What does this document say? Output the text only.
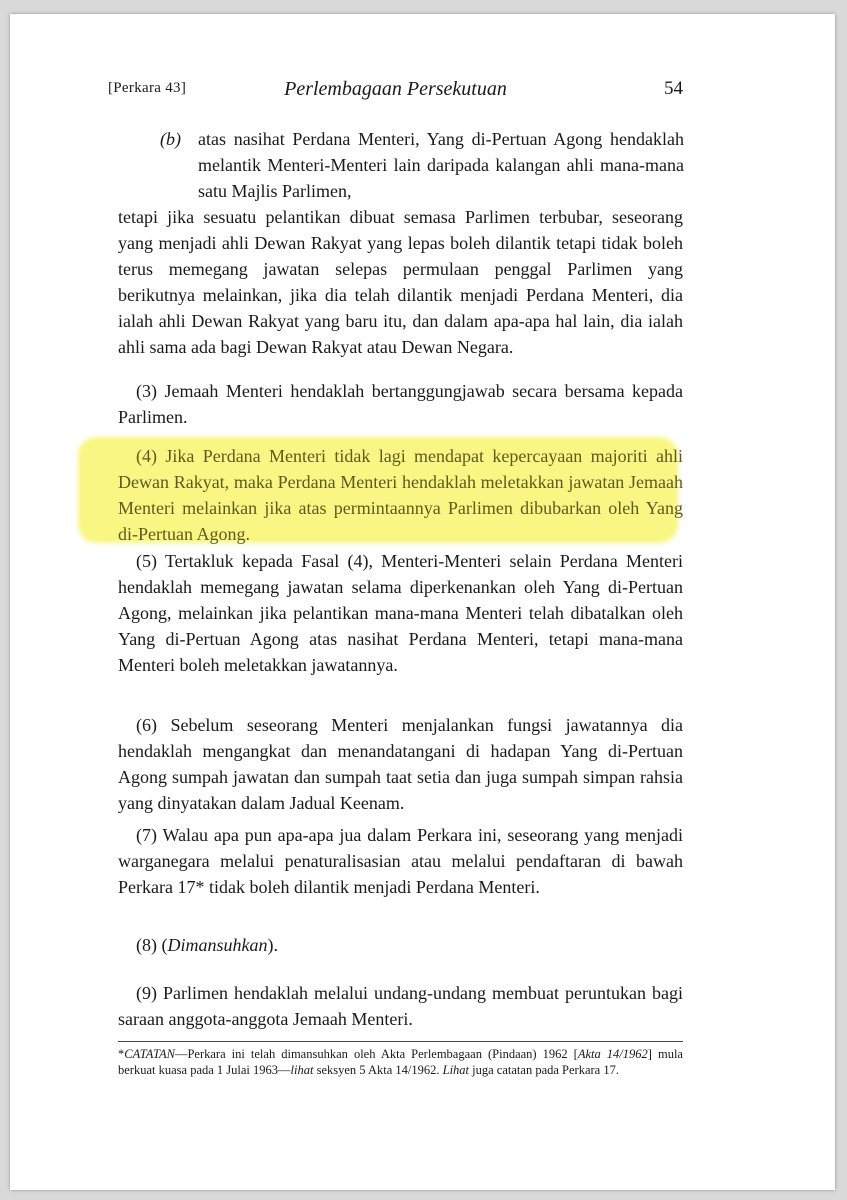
[Perkara 43]	Perlembagaan Persekutuan	54
(b) atas nasihat Perdana Menteri, Yang di-Pertuan Agong hendaklah melantik Menteri-Menteri lain daripada kalangan ahli mana-mana satu Majlis Parlimen,
tetapi jika sesuatu pelantikan dibuat semasa Parlimen terbubar, seseorang yang menjadi ahli Dewan Rakyat yang lepas boleh dilantik tetapi tidak boleh terus memegang jawatan selepas permulaan penggal Parlimen yang berikutnya melainkan, jika dia telah dilantik menjadi Perdana Menteri, dia ialah ahli Dewan Rakyat yang baru itu, dan dalam apa-apa hal lain, dia ialah ahli sama ada bagi Dewan Rakyat atau Dewan Negara.
(3) Jemaah Menteri hendaklah bertanggungjawab secara bersama kepada Parlimen.
(4) Jika Perdana Menteri tidak lagi mendapat kepercayaan majoriti ahli Dewan Rakyat, maka Perdana Menteri hendaklah meletakkan jawatan Jemaah Menteri melainkan jika atas permintaannya Parlimen dibubarkan oleh Yang di-Pertuan Agong.
(5) Tertakluk kepada Fasal (4), Menteri-Menteri selain Perdana Menteri hendaklah memegang jawatan selama diperkenankan oleh Yang di-Pertuan Agong, melainkan jika pelantikan mana-mana Menteri telah dibatalkan oleh Yang di-Pertuan Agong atas nasihat Perdana Menteri, tetapi mana-mana Menteri boleh meletakkan jawatannya.
(6) Sebelum seseorang Menteri menjalankan fungsi jawatannya dia hendaklah mengangkat dan menandatangani di hadapan Yang di-Pertuan Agong sumpah jawatan dan sumpah taat setia dan juga sumpah simpan rahsia yang dinyatakan dalam Jadual Keenam.
(7) Walau apa pun apa-apa jua dalam Perkara ini, seseorang yang menjadi warganegara melalui penaturalisasian atau melalui pendaftaran di bawah Perkara 17* tidak boleh dilantik menjadi Perdana Menteri.
(8) (Dimansuhkan).
(9) Parlimen hendaklah melalui undang-undang membuat peruntukan bagi saraan anggota-anggota Jemaah Menteri.
*CATATAN—Perkara ini telah dimansuhkan oleh Akta Perlembagaan (Pindaan) 1962 [Akta 14/1962] mula berkuat kuasa pada 1 Julai 1963—lihat seksyen 5 Akta 14/1962. Lihat juga catatan pada Perkara 17.
